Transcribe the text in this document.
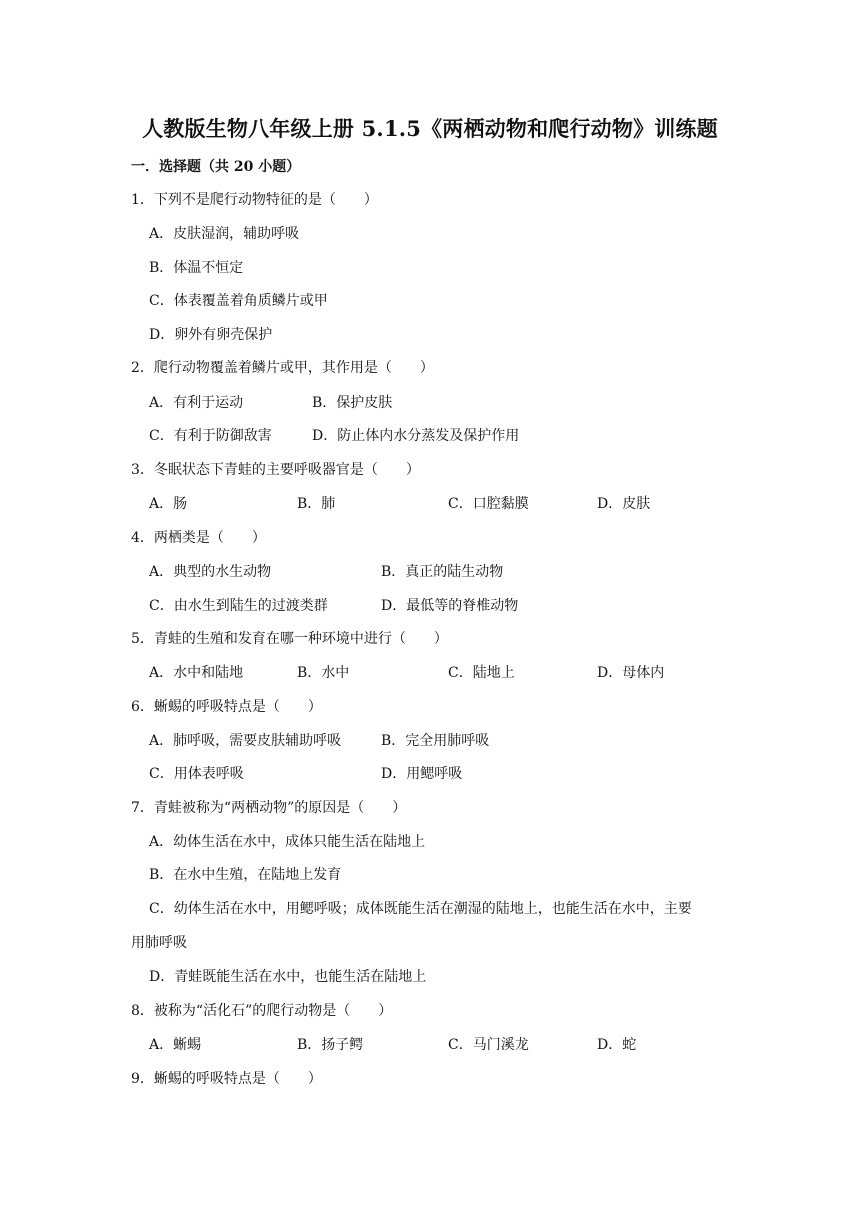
人教版生物八年级上册 5.1.5《两栖动物和爬行动物》训练题
一．选择题（共 20 小题）
1．下列不是爬行动物特征的是（　　）
A．皮肤湿润，辅助呼吸
B．体温不恒定
C．体表覆盖着角质鳞片或甲
D．卵外有卵壳保护
2．爬行动物覆盖着鳞片或甲，其作用是（　　）
A．有利于运动	B．保护皮肤
C．有利于防御敌害	D．防止体内水分蒸发及保护作用
3．冬眠状态下青蛙的主要呼吸器官是（　　）
A．肠	B．肺	C．口腔黏膜	D．皮肤
4．两栖类是（　　）
A．典型的水生动物	B．真正的陆生动物
C．由水生到陆生的过渡类群	D．最低等的脊椎动物
5．青蛙的生殖和发育在哪一种环境中进行（　　）
A．水中和陆地	B．水中	C．陆地上	D．母体内
6．蜥蜴的呼吸特点是（　　）
A．肺呼吸，需要皮肤辅助呼吸	B．完全用肺呼吸
C．用体表呼吸	D．用鳃呼吸
7．青蛙被称为“两栖动物”的原因是（　　）
A．幼体生活在水中，成体只能生活在陆地上
B．在水中生殖，在陆地上发育
C．幼体生活在水中，用鳃呼吸；成体既能生活在潮湿的陆地上，也能生活在水中，主要
用肺呼吸
D．青蛙既能生活在水中，也能生活在陆地上
8．被称为“活化石”的爬行动物是（　　）
A．蜥蜴	B．扬子鳄	C．马门溪龙	D．蛇
9．蜥蜴的呼吸特点是（　　）
